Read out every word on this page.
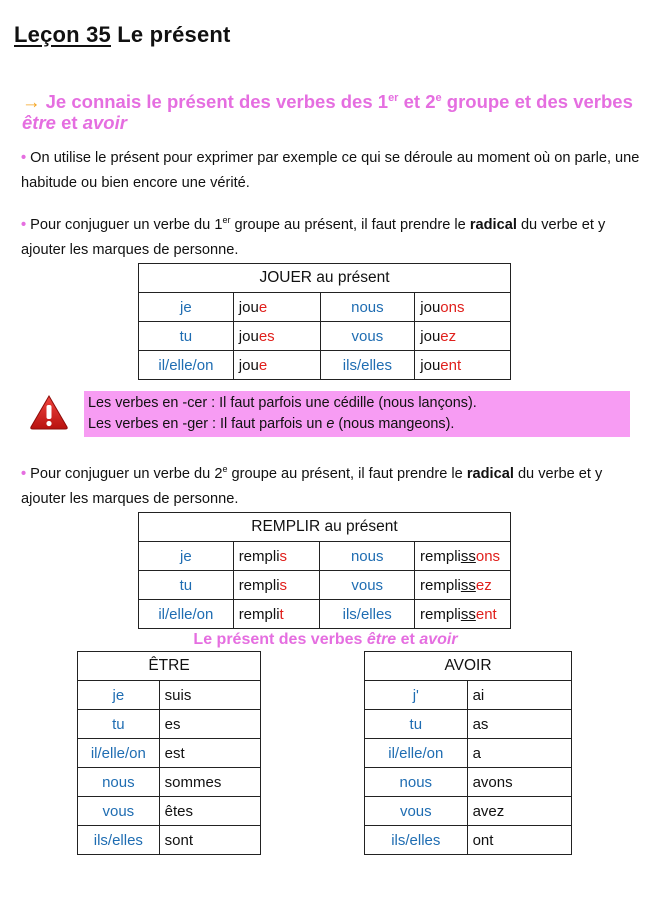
Leçon 35 Le présent
→ Je connais le présent des verbes des 1er et 2e groupe et des verbes
être et avoir
• On utilise le présent pour exprimer par exemple ce qui se déroule au moment où on parle, une habitude ou bien encore une vérité.
• Pour conjuguer un verbe du 1er groupe au présent, il faut prendre le radical du verbe et y ajouter les marques de personne.
JOUER au présent			
je	joue	nous	jouons
tu	joues	vous	jouez
il/elle/on	joue	ils/elles	jouent
Les verbes en -cer : Il faut parfois une cédille (nous lançons).
Les verbes en -ger : Il faut parfois un e (nous mangeons).
• Pour conjuguer un verbe du 2e groupe au présent, il faut prendre le radical du verbe et y ajouter les marques de personne.
REMPLIR au présent			
je	remplis	nous	remplissons
tu	remplis	vous	remplissez
il/elle/on	remplit	ils/elles	remplissent
Le présent des verbes être et avoir
ÊTRE	
je	suis
tu	es
il/elle/on	est
nous	sommes
vous	êtes
ils/elles	sont
AVOIR	
j'	ai
tu	as
il/elle/on	a
nous	avons
vous	avez
ils/elles	ont
